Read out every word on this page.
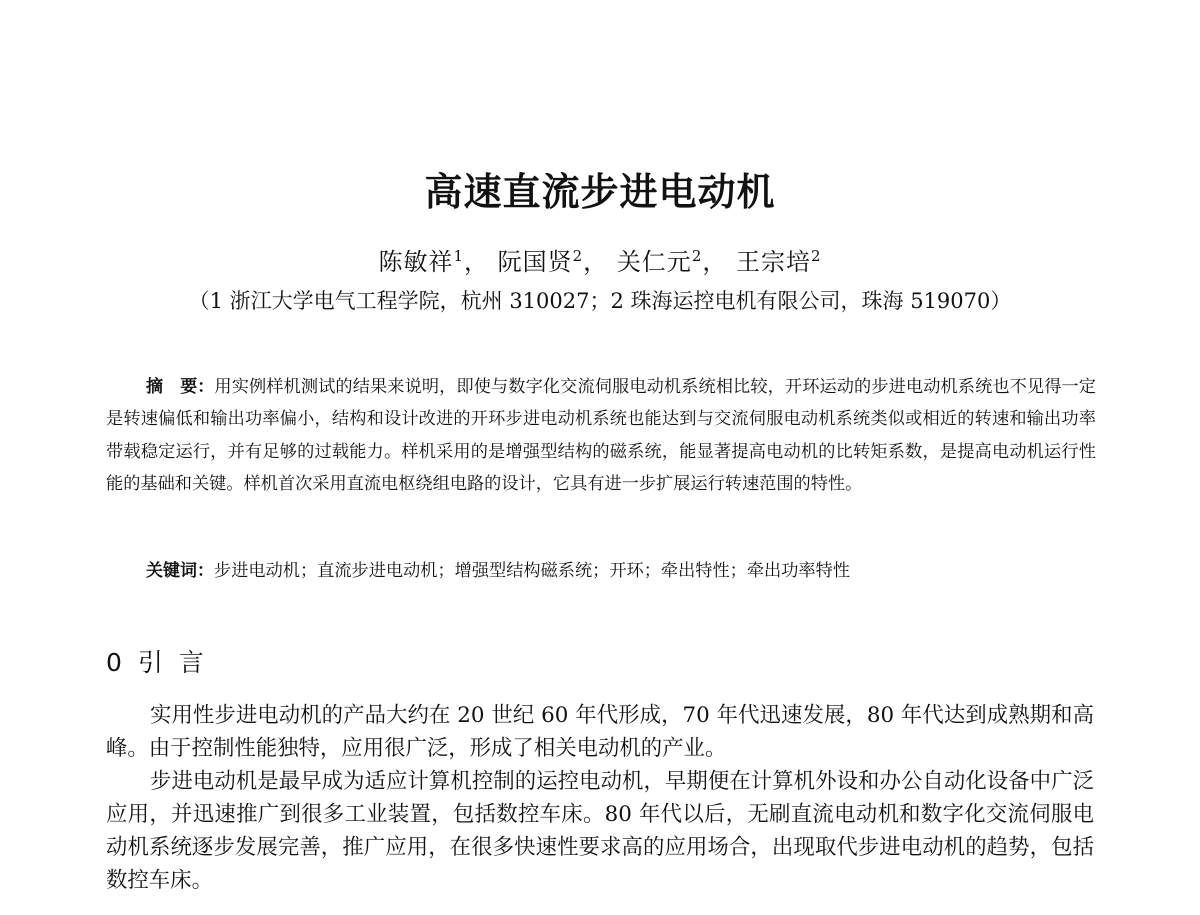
高速直流步进电动机
陈敏祥$^1$， 阮国贤$^2$， 关仁元$^2$， 王宗培$^2$
（1 浙江大学电气工程学院，杭州 310027；2 珠海运控电机有限公司，珠海 519070）

摘　要：用实例样机测试的结果来说明，即使与数字化交流伺服电动机系统相比较，开环运动的步进电动机系统也不见得一定是转速偏低和输出功率偏小，结构和设计改进的开环步进电动机系统也能达到与交流伺服电动机系统类似或相近的转速和输出功率带载稳定运行，并有足够的过载能力。样机采用的是增强型结构的磁系统，能显著提高电动机的比转矩系数，是提高电动机运行性能的基础和关键。样机首次采用直流电枢绕组电路的设计，它具有进一步扩展运行转速范围的特性。

关键词：步进电动机；直流步进电动机；增强型结构磁系统；开环；牵出特性；牵出功率特性

0 引 言

实用性步进电动机的产品大约在 20 世纪 60 年代形成，70 年代迅速发展，80 年代达到成熟期和高峰。由于控制性能独特，应用很广泛，形成了相关电动机的产业。

步进电动机是最早成为适应计算机控制的运控电动机，早期便在计算机外设和办公自动化设备中广泛应用，并迅速推广到很多工业装置，包括数控车床。80 年代以后，无刷直流电动机和数字化交流伺服电动机系统逐步发展完善，推广应用，在很多快速性要求高的应用场合，出现取代步进电动机的趋势，包括数控车床。
